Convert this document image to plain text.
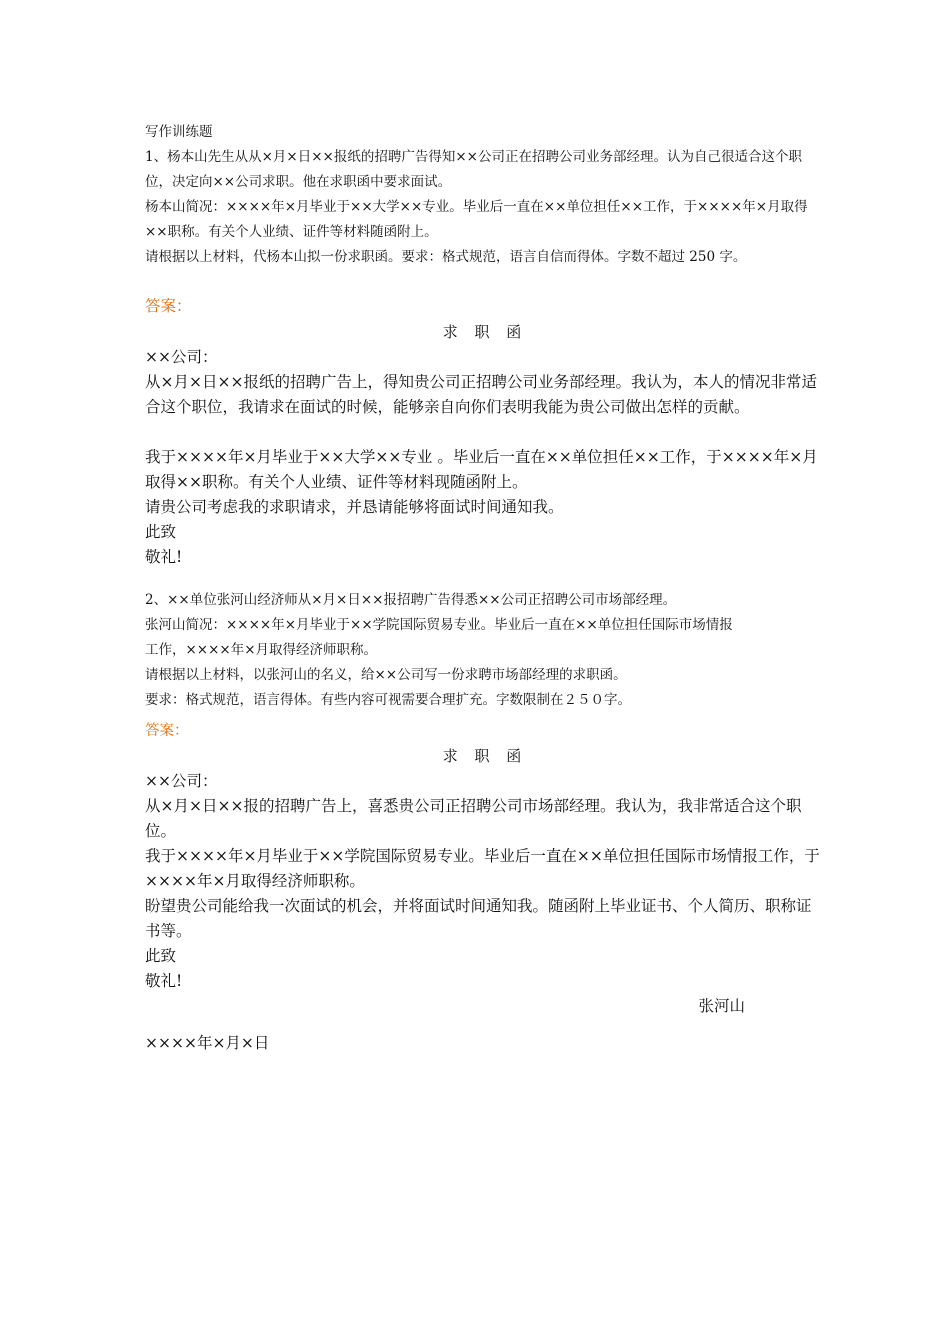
写作训练题

1、杨本山先生从从×月×日××报纸的招聘广告得知××公司正在招聘公司业务部经理。认为自己很适合这个职位，决定向××公司求职。他在求职函中要求面试。

杨本山简况：××××年×月毕业于××大学××专业。毕业后一直在××单位担任××工作，于××××年×月取得××职称。有关个人业绩、证件等材料随函附上。

请根据以上材料，代杨本山拟一份求职函。要求：格式规范，语言自信而得体。字数不超过 250 字。

答案：

求 职 函

××公司：

从×月×日××报纸的招聘广告上，得知贵公司正招聘公司业务部经理。我认为，本人的情况非常适合这个职位，我请求在面试的时候，能够亲自向你们表明我能为贵公司做出怎样的贡献。

我于××××年×月毕业于××大学××专业 。毕业后一直在××单位担任××工作，于××××年×月取得××职称。有关个人业绩、证件等材料现随函附上。

请贵公司考虑我的求职请求，并恳请能够将面试时间通知我。

此致

敬礼!

2、××单位张河山经济师从×月×日××报招聘广告得悉××公司正招聘公司市场部经理。

张河山简况：××××年×月毕业于××学院国际贸易专业。毕业后一直在××单位担任国际市场情报

工作，××××年×月取得经济师职称。

请根据以上材料，以张河山的名义，给××公司写一份求聘市场部经理的求职函。

要求：格式规范，语言得体。有些内容可视需要合理扩充。字数限制在２５０字。

答案：

求 职 函

××公司：

从×月×日××报的招聘广告上，喜悉贵公司正招聘公司市场部经理。我认为，我非常适合这个职位。

我于××××年×月毕业于××学院国际贸易专业。毕业后一直在××单位担任国际市场情报工作，于××××年×月取得经济师职称。

盼望贵公司能给我一次面试的机会，并将面试时间通知我。随函附上毕业证书、个人简历、职称证书等。

此致

敬礼!

张河山

××××年×月×日
